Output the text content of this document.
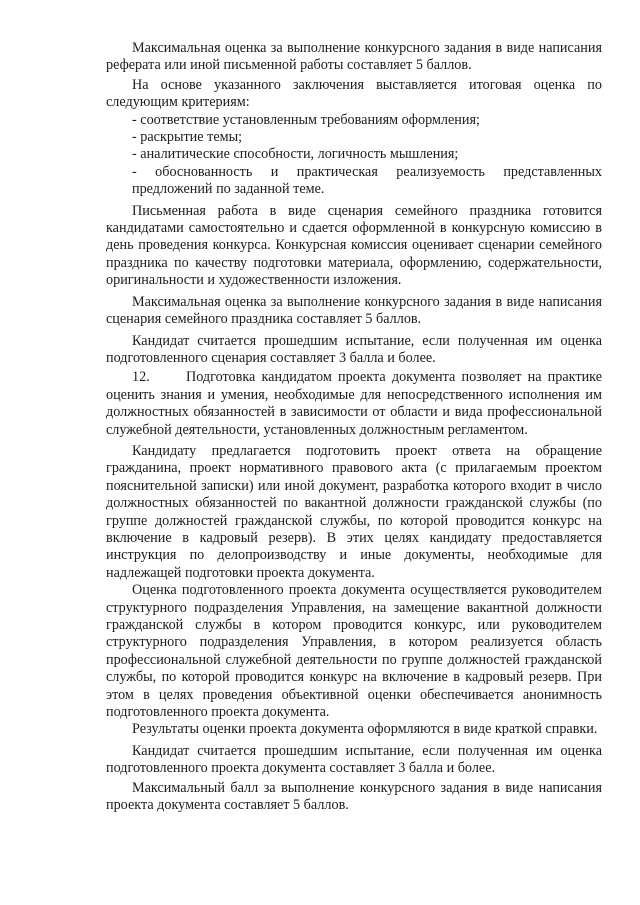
Максимальная оценка за выполнение конкурсного задания в виде написания реферата или иной письменной работы составляет 5 баллов.

На основе указанного заключения выставляется итоговая оценка по следующим критериям:

- соответствие установленным требованиям оформления;

- раскрытие темы;

- аналитические способности, логичность мышления;

- обоснованность и практическая реализуемость представленных предложений по заданной теме.

Письменная работа в виде сценария семейного праздника готовится кандидатами самостоятельно и сдается оформленной в конкурсную комиссию в день проведения конкурса. Конкурсная комиссия оценивает сценарии семейного праздника по качеству подготовки материала, оформлению, содержательности, оригинальности и художественности изложения.

Максимальная оценка за выполнение конкурсного задания в виде написания сценария семейного праздника составляет 5 баллов.

Кандидат считается прошедшим испытание, если полученная им оценка подготовленного сценария составляет 3 балла и более.

12.	Подготовка кандидатом проекта документа позволяет на практике оценить знания и умения, необходимые для непосредственного исполнения им должностных обязанностей в зависимости от области и вида профессиональной служебной деятельности, установленных должностным регламентом.

Кандидату предлагается подготовить проект ответа на обращение гражданина, проект нормативного правового акта (с прилагаемым проектом пояснительной записки) или иной документ, разработка которого входит в число должностных обязанностей по вакантной должности гражданской службы (по группе должностей гражданской службы, по которой проводится конкурс на включение в кадровый резерв). В этих целях кандидату предоставляется инструкция по делопроизводству и иные документы, необходимые для надлежащей подготовки проекта документа.

Оценка подготовленного проекта документа осуществляется руководителем структурного подразделения Управления, на замещение вакантной должности гражданской службы в котором проводится конкурс, или руководителем структурного подразделения Управления, в котором реализуется область профессиональной служебной деятельности по группе должностей гражданской службы, по которой проводится конкурс на включение в кадровый резерв. При этом в целях проведения объективной оценки обеспечивается анонимность подготовленного проекта документа.

Результаты оценки проекта документа оформляются в виде краткой справки.

Кандидат считается прошедшим испытание, если полученная им оценка подготовленного проекта документа составляет 3 балла и более.

Максимальный балл за выполнение конкурсного задания в виде написания проекта документа составляет 5 баллов.
